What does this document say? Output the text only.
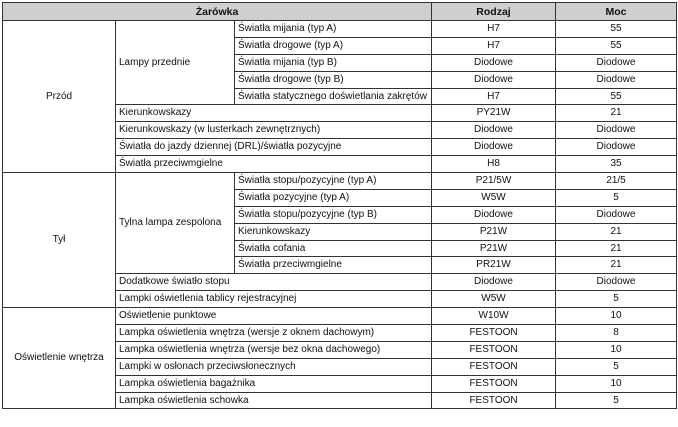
Żarówka			Rodzaj	Moc
Przód	Lampy przednie	Światła mijania (typ A)	H7	55
		Światła drogowe (typ A)	H7	55
		Światła mijania (typ B)	Diodowe	Diodowe
		Światła drogowe (typ B)	Diodowe	Diodowe
		Światła statycznego doświetlania zakrętów	H7	55
	Kierunkowskazy		PY21W	21
	Kierunkowskazy (w lusterkach zewnętrznych)		Diodowe	Diodowe
	Światła do jazdy dziennej (DRL)/światła pozycyjne		Diodowe	Diodowe
	Światła przeciwmgielne		H8	35
Tył	Tylna lampa zespolona	Światła stopu/pozycyjne (typ A)	P21/5W	21/5
		Światła pozycyjne (typ A)	W5W	5
		Światła stopu/pozycyjne (typ B)	Diodowe	Diodowe
		Kierunkowskazy	P21W	21
		Światła cofania	P21W	21
		Światła przeciwmgielne	PR21W	21
	Dodatkowe światło stopu		Diodowe	Diodowe
	Lampki oświetlenia tablicy rejestracyjnej		W5W	5
Oświetlenie wnętrza	Oświetlenie punktowe		W10W	10
	Lampka oświetlenia wnętrza (wersje z oknem dachowym)		FESTOON	8
	Lampka oświetlenia wnętrza (wersje bez okna dachowego)		FESTOON	10
	Lampki w osłonach przeciwsłonecznych		FESTOON	5
	Lampka oświetlenia bagażnika		FESTOON	10
	Lampka oświetlenia schowka		FESTOON	5
